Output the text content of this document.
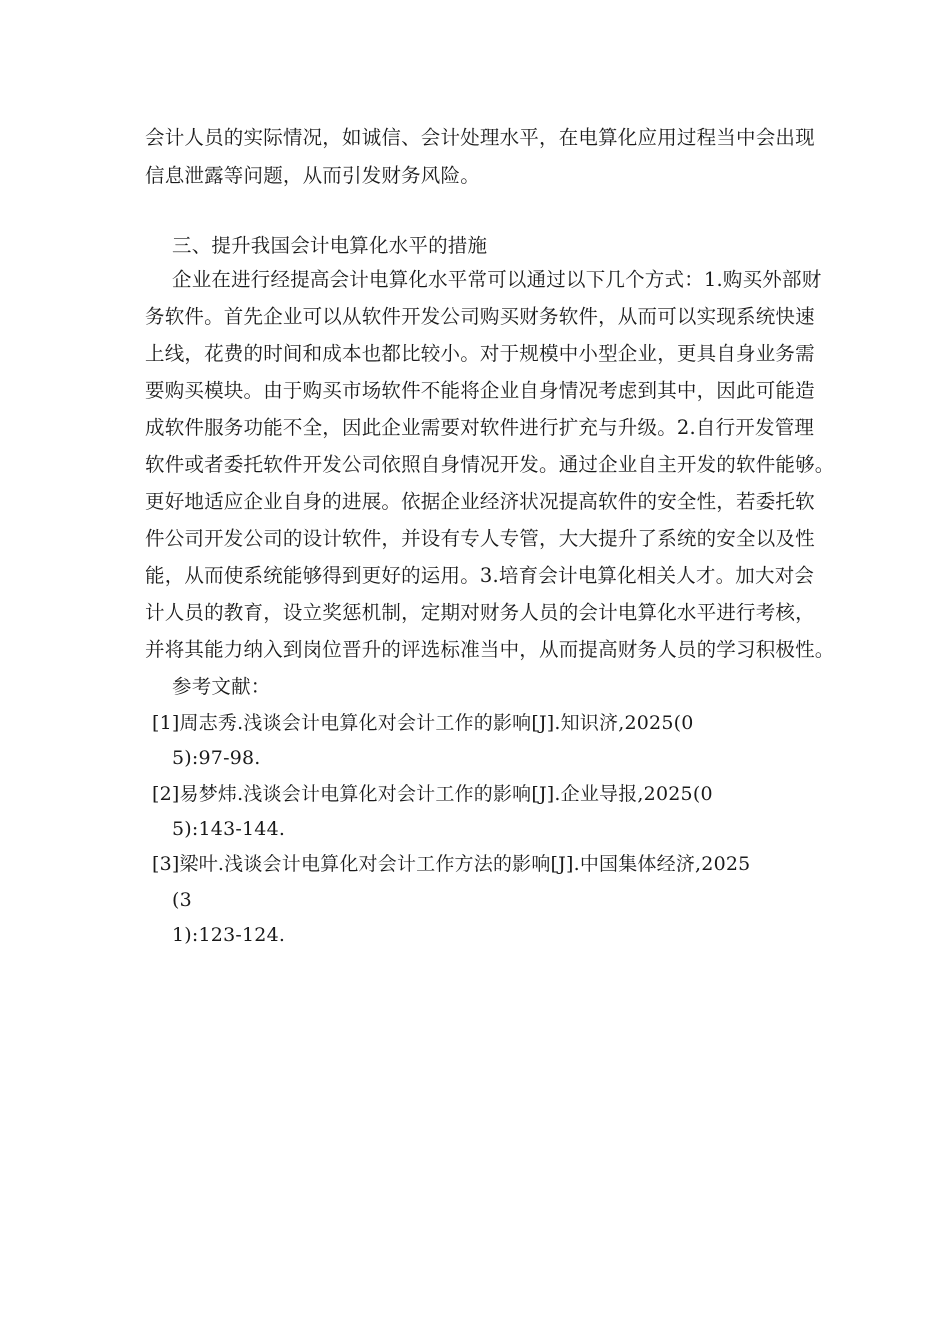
会计人员的实际情况，如诚信、会计处理水平，在电算化应用过程当中会出现
信息泄露等问题，从而引发财务风险。
三、提升我国会计电算化水平的措施
企业在进行经提高会计电算化水平常可以通过以下几个方式：1.购买外部财
务软件。首先企业可以从软件开发公司购买财务软件，从而可以实现系统快速
上线，花费的时间和成本也都比较小。对于规模中小型企业，更具自身业务需
要购买模块。由于购买市场软件不能将企业自身情况考虑到其中，因此可能造
成软件服务功能不全，因此企业需要对软件进行扩充与升级。2.自行开发管理
软件或者委托软件开发公司依照自身情况开发。通过企业自主开发的软件能够。
更好地适应企业自身的进展。依据企业经济状况提高软件的安全性，若委托软
件公司开发公司的设计软件，并设有专人专管，大大提升了系统的安全以及性
能，从而使系统能够得到更好的运用。3.培育会计电算化相关人才。加大对会
计人员的教育，设立奖惩机制，定期对财务人员的会计电算化水平进行考核，
并将其能力纳入到岗位晋升的评选标准当中，从而提高财务人员的学习积极性。
参考文献：
[1]周志秀.浅谈会计电算化对会计工作的影响[J].知识济,2025(0
5):97-98.
[2]易梦炜.浅谈会计电算化对会计工作的影响[J].企业导报,2025(0
5):143-144.
[3]梁叶.浅谈会计电算化对会计工作方法的影响[J].中国集体经济,2025
(3
1):123-124.
